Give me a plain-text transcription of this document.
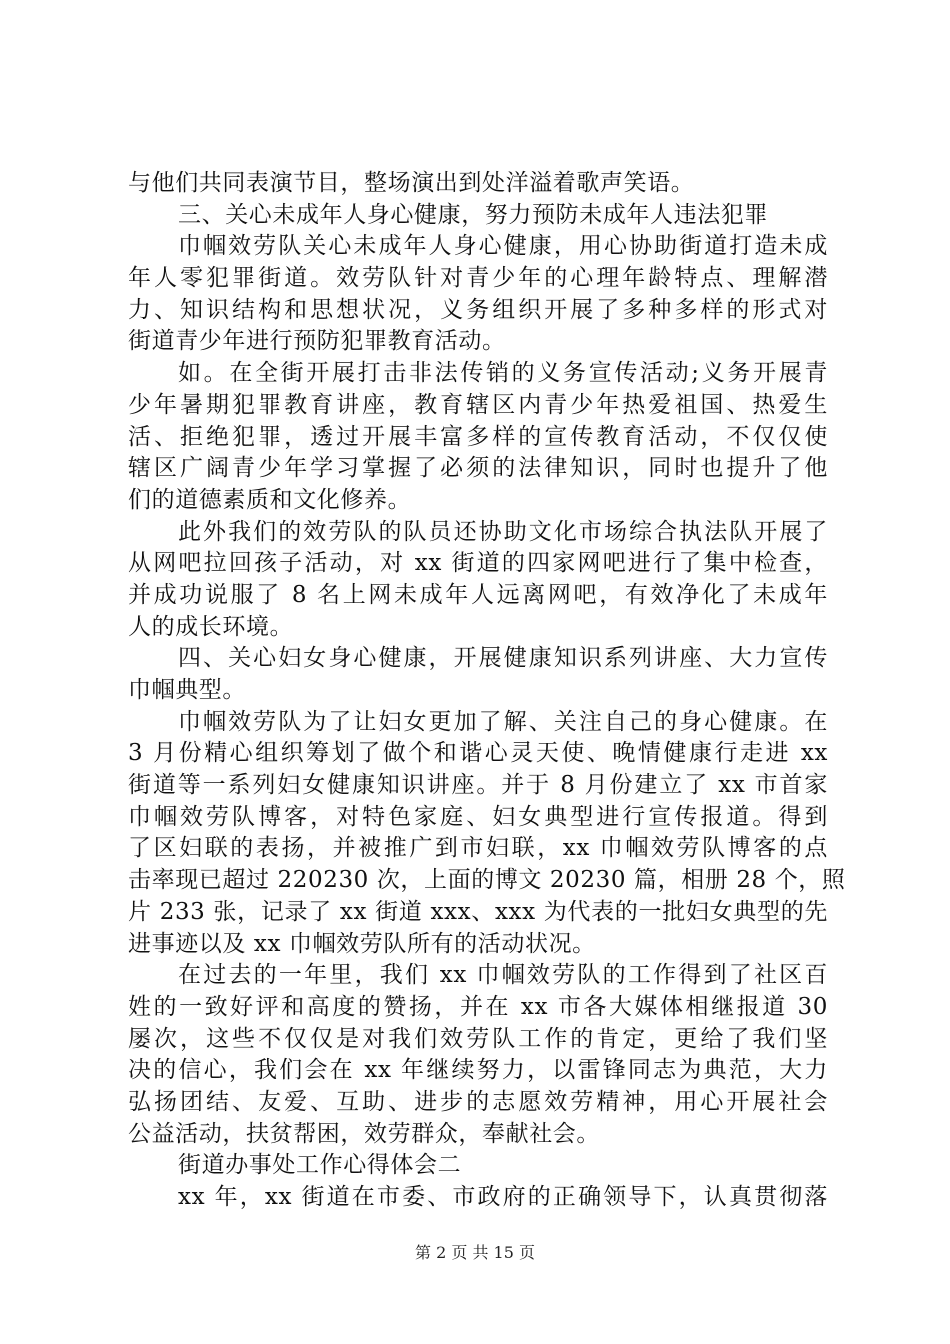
与他们共同表演节目，整场演出到处洋溢着歌声笑语。
三、关心未成年人身心健康，努力预防未成年人违法犯罪
巾帼效劳队关心未成年人身心健康，用心协助街道打造未成
年人零犯罪街道。效劳队针对青少年的心理年龄特点、理解潜
力、知识结构和思想状况，义务组织开展了多种多样的形式对
街道青少年进行预防犯罪教育活动。
如。在全街开展打击非法传销的义务宣传活动;义务开展青
少年暑期犯罪教育讲座，教育辖区内青少年热爱祖国、热爱生
活、拒绝犯罪，透过开展丰富多样的宣传教育活动，不仅仅使
辖区广阔青少年学习掌握了必须的法律知识，同时也提升了他
们的道德素质和文化修养。
此外我们的效劳队的队员还协助文化市场综合执法队开展了
从网吧拉回孩子活动，对 xx 街道的四家网吧进行了集中检查，
并成功说服了 8 名上网未成年人远离网吧，有效净化了未成年
人的成长环境。
四、关心妇女身心健康，开展健康知识系列讲座、大力宣传
巾帼典型。
巾帼效劳队为了让妇女更加了解、关注自己的身心健康。在
3 月份精心组织筹划了做个和谐心灵天使、晚情健康行走进 xx
街道等一系列妇女健康知识讲座。并于 8 月份建立了 xx 市首家
巾帼效劳队博客，对特色家庭、妇女典型进行宣传报道。得到
了区妇联的表扬，并被推广到市妇联，xx 巾帼效劳队博客的点
击率现已超过 220230 次，上面的博文 20230 篇，相册 28 个，照
片 233 张，记录了 xx 街道 xxx、xxx 为代表的一批妇女典型的先
进事迹以及 xx 巾帼效劳队所有的活动状况。
在过去的一年里，我们 xx 巾帼效劳队的工作得到了社区百
姓的一致好评和高度的赞扬，并在 xx 市各大媒体相继报道 30
屡次，这些不仅仅是对我们效劳队工作的肯定，更给了我们坚
决的信心，我们会在 xx 年继续努力，以雷锋同志为典范，大力
弘扬团结、友爱、互助、进步的志愿效劳精神，用心开展社会
公益活动，扶贫帮困，效劳群众，奉献社会。
街道办事处工作心得体会二
xx 年，xx 街道在市委、市政府的正确领导下，认真贯彻落
第 2 页 共 15 页
